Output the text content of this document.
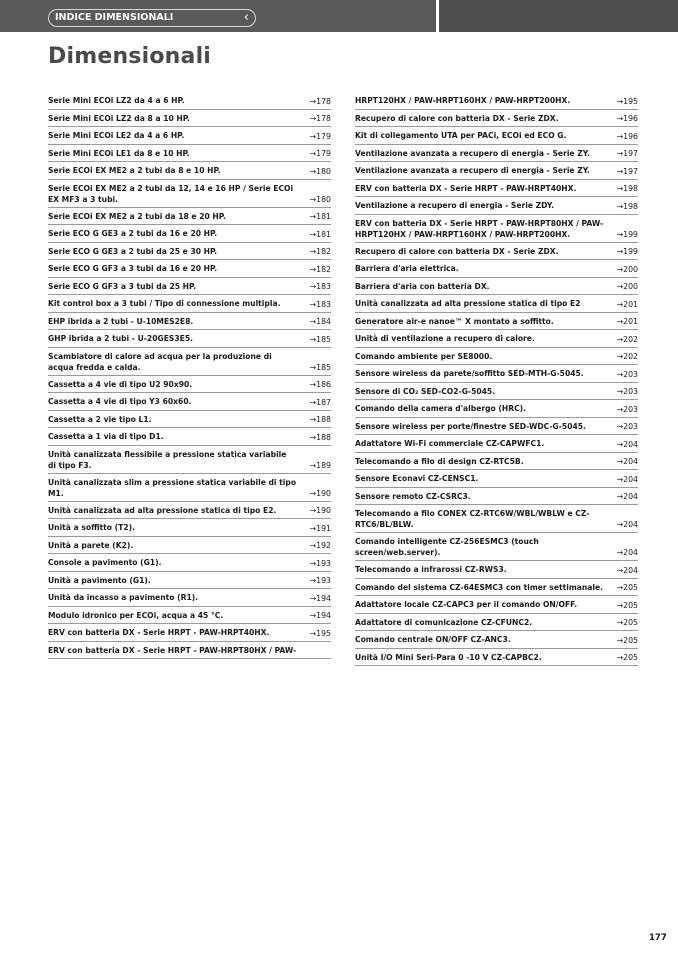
INDICE DIMENSIONALI	‹
Dimensionali
Serie Mini ECOi LZ2 da 4 a 6 HP.	→178
Serie Mini ECOi LZ2 da 8 a 10 HP.	→178
Serie Mini ECOi LE2 da 4 a 6 HP.	→179
Serie Mini ECOi LE1 da 8 e 10 HP.	→179
Serie ECOi EX ME2 a 2 tubi da 8 e 10 HP.	→180
Serie ECOi EX ME2 a 2 tubi da 12, 14 e 16 HP / Serie ECOi EX MF3 a 3 tubi.	→180
Serie ECOi EX ME2 a 2 tubi da 18 e 20 HP.	→181
Serie ECO G GE3 a 2 tubi da 16 e 20 HP.	→181
Serie ECO G GE3 a 2 tubi da 25 e 30 HP.	→182
Serie ECO G GF3 a 3 tubi da 16 e 20 HP.	→182
Serie ECO G GF3 a 3 tubi da 25 HP.	→183
Kit control box a 3 tubi / Tipo di connessione multipla.	→183
EHP ibrida a 2 tubi - U-10MES2E8.	→184
GHP ibrida a 2 tubi - U-20GES3E5.	→185
Scambiatore di calore ad acqua per la produzione di acqua fredda e calda.	→185
Cassetta a 4 vie di tipo U2 90x90.	→186
Cassetta a 4 vie di tipo Y3 60x60.	→187
Cassetta a 2 vie tipo L1.	→188
Cassetta a 1 via di tipo D1.	→188
Unità canalizzata flessibile a pressione statica variabile di tipo F3.	→189
Unità canalizzata slim a pressione statica variabile di tipo M1.	→190
Unità canalizzata ad alta pressione statica di tipo E2.	→190
Unità a soffitto (T2).	→191
Unità a parete (K2).	→192
Console a pavimento (G1).	→193
Unità a pavimento (G1).	→193
Unità da incasso a pavimento (R1).	→194
Modulo idronico per ECOi, acqua a 45 °C.	→194
ERV con batteria DX - Serie HRPT - PAW-HRPT40HX.	→195
ERV con batteria DX - Serie HRPT - PAW-HRPT80HX / PAW-
HRPT120HX / PAW-HRPT160HX / PAW-HRPT200HX.	→195
Recupero di calore con batteria DX - Serie ZDX.	→196
Kit di collegamento UTA per PACi, ECOi ed ECO G.	→196
Ventilazione avanzata a recupero di energia - Serie ZY.	→197
Ventilazione avanzata a recupero di energia - Serie ZY.	→197
ERV con batteria DX - Serie HRPT - PAW-HRPT40HX.	→198
Ventilazione a recupero di energia - Serie ZDY.	→198
ERV con batteria DX - Serie HRPT - PAW-HRPT80HX / PAW-HRPT120HX / PAW-HRPT160HX / PAW-HRPT200HX.	→199
Recupero di calore con batteria DX - Serie ZDX.	→199
Barriera d'aria elettrica.	→200
Barriera d'aria con batteria DX.	→200
Unità canalizzata ad alta pressione statica di tipo E2	→201
Generatore air-e nanoe™ X montato a soffitto.	→201
Unità di ventilazione a recupero di calore.	→202
Comando ambiente per SE8000.	→202
Sensore wireless da parete/soffitto SED-MTH-G-5045.	→203
Sensore di CO₂ SED-CO2-G-5045.	→203
Comando della camera d'albergo (HRC).	→203
Sensore wireless per porte/finestre SED-WDC-G-5045.	→203
Adattatore Wi-Fi commerciale CZ-CAPWFC1.	→204
Telecomando a filo di design CZ-RTC5B.	→204
Sensore Econavi CZ-CENSC1.	→204
Sensore remoto CZ-CSRC3.	→204
Telecomando a filo CONEX CZ-RTC6W/WBL/WBLW e CZ-RTC6/BL/BLW.	→204
Comando intelligente CZ-256ESMC3 (touch screen/web.server).	→204
Telecomando a infrarossi CZ-RWS3.	→204
Comando del sistema CZ-64ESMC3 con timer settimanale. →205
Adattatore locale CZ-CAPC3 per il comando ON/OFF.	→205
Adattatore di comunicazione CZ-CFUNC2.	→205
Comando centrale ON/OFF CZ-ANC3.	→205
Unità I/O Mini Seri-Para 0 -10 V CZ-CAPBC2.	→205
177
